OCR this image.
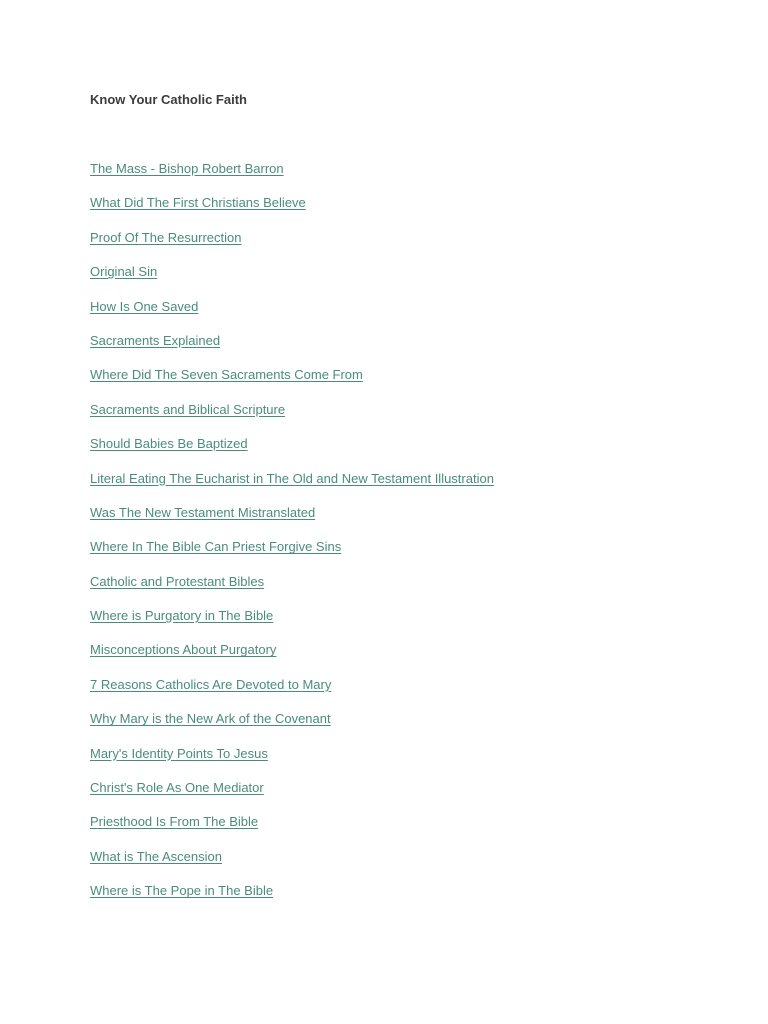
Know Your Catholic Faith
The Mass - Bishop Robert Barron
What Did The First Christians Believe
Proof Of The Resurrection
Original Sin
How Is One Saved
Sacraments Explained
Where Did The Seven Sacraments Come From
Sacraments and Biblical Scripture
Should Babies Be Baptized
Literal Eating The Eucharist in The Old and New Testament Illustration
Was The New Testament Mistranslated
Where In The Bible Can Priest Forgive Sins
Catholic and Protestant Bibles
Where is Purgatory in The Bible
Misconceptions About Purgatory
7 Reasons Catholics Are Devoted to Mary
Why Mary is the New Ark of the Covenant
Mary's Identity Points To Jesus
Christ's Role As One Mediator
Priesthood Is From The Bible
What is The Ascension
Where is The Pope in The Bible
